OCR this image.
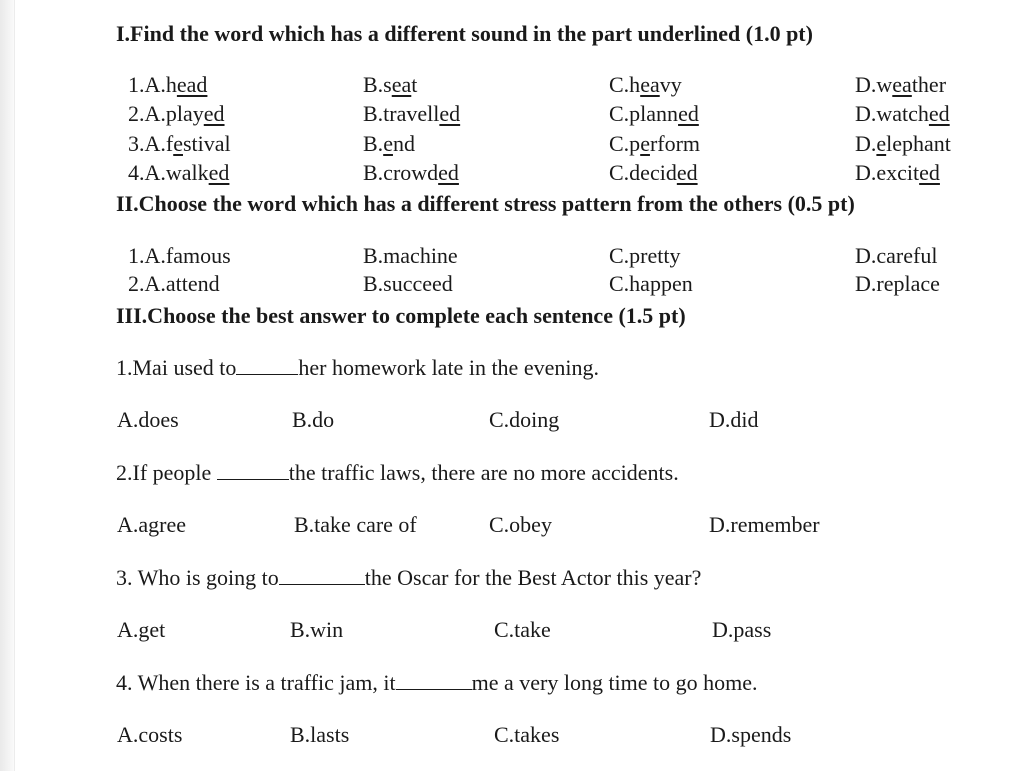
I.Find the word which has a different sound in the part underlined (1.0 pt)
1.A.head	B.seat	C.heavy	D.weather
2.A.played	B.travelled	C.planned	D.watched
3.A.festival	B.end	C.perform	D.elephant
4.A.walked	B.crowded	C.decided	D.excited
II.Choose the word which has a different stress pattern from the others (0.5 pt)
1.A.famous	B.machine	C.pretty	D.careful
2.A.attend	B.succeed	C.happen	D.replace
III.Choose the best answer to complete each sentence (1.5 pt)
1.Mai used to	her homework late in the evening.
A.does	B.do	C.doing	D.did
2.If people	the traffic laws, there are no more accidents.
A.agree	B.take care of	C.obey	D.remember
3. Who is going to	the Oscar for the Best Actor this year?
A.get	B.win	C.take	D.pass
4. When there is a traffic jam, it	me a very long time to go home.
A.costs	B.lasts	C.takes	D.spends
